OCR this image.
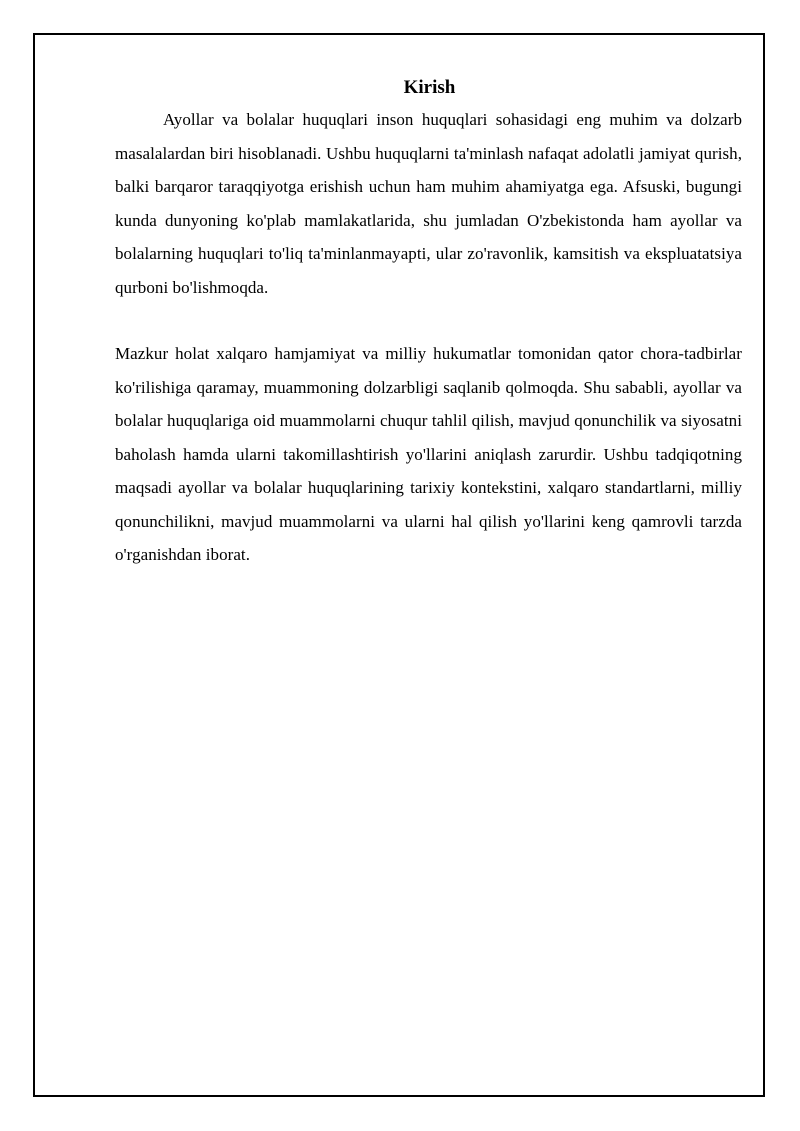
Kirish

Ayollar va bolalar huquqlari inson huquqlari sohasidagi eng muhim va dolzarb masalalardan biri hisoblanadi. Ushbu huquqlarni ta'minlash nafaqat adolatli jamiyat qurish, balki barqaror taraqqiyotga erishish uchun ham muhim ahamiyatga ega. Afsuski, bugungi kunda dunyoning ko'plab mamlakatlarida, shu jumladan O'zbekistonda ham ayollar va bolalarning huquqlari to'liq ta'minlanmayapti, ular zo'ravonlik, kamsitish va ekspluatatsiya qurboni bo'lishmoqda.

Mazkur holat xalqaro hamjamiyat va milliy hukumatlar tomonidan qator chora-tadbirlar ko'rilishiga qaramay, muammoning dolzarbligi saqlanib qolmoqda. Shu sababli, ayollar va bolalar huquqlariga oid muammolarni chuqur tahlil qilish, mavjud qonunchilik va siyosatni baholash hamda ularni takomillashtirish yo'llarini aniqlash zarurdir. Ushbu tadqiqotning maqsadi ayollar va bolalar huquqlarining tarixiy kontekstini, xalqaro standartlarni, milliy qonunchilikni, mavjud muammolarni va ularni hal qilish yo'llarini keng qamrovli tarzda o'rganishdan iborat.
